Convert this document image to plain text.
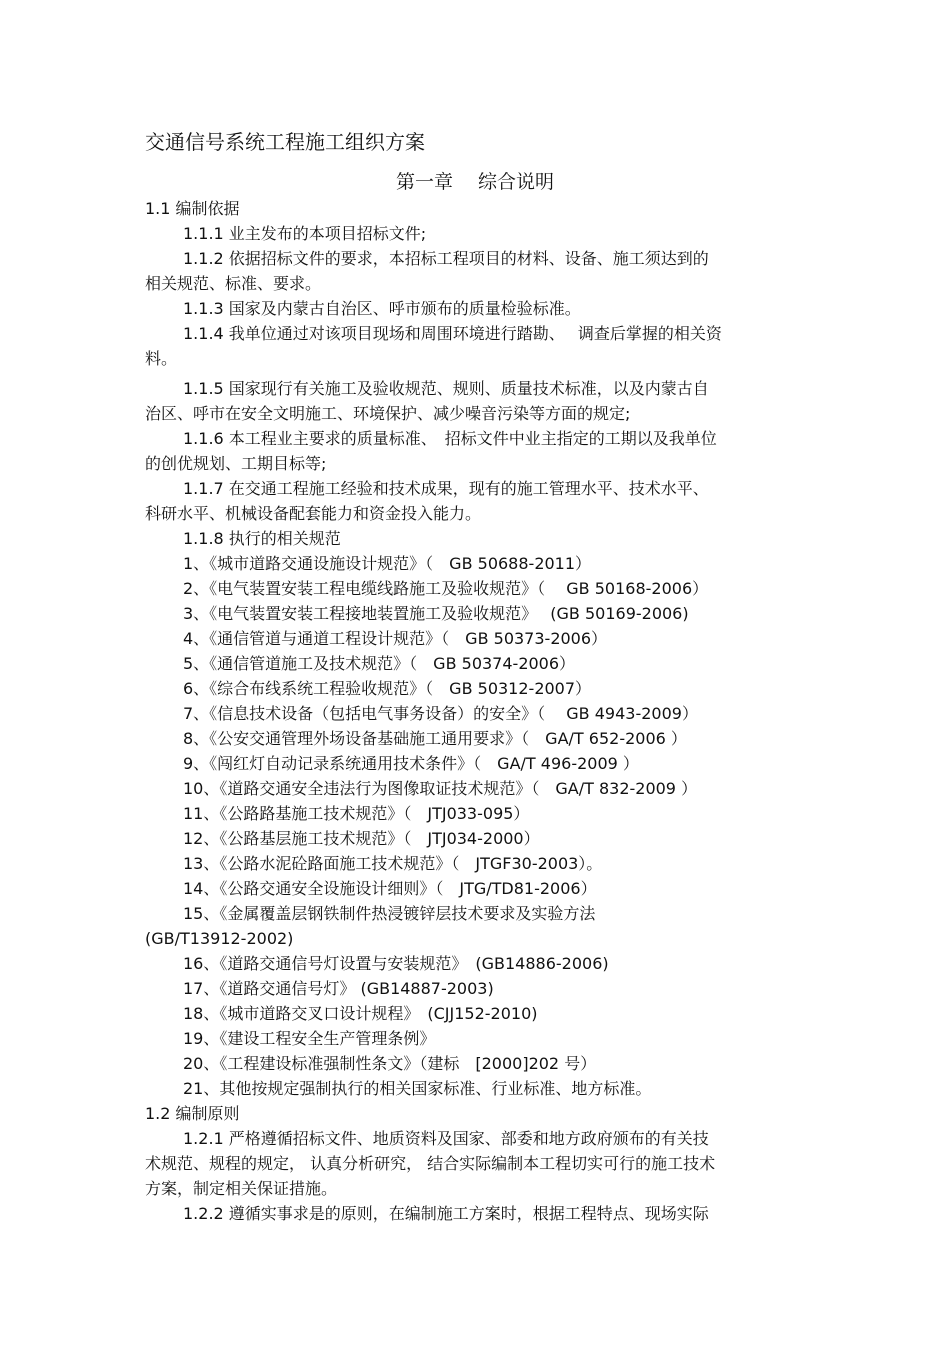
交通信号系统工程施工组织方案
第一章　 综合说明
1.1 编制依据
1.1.1 业主发布的本项目招标文件;
1.1.2 依据招标文件的要求，本招标工程项目的材料、设备、施工须达到的
相关规范、标准、要求。
1.1.3 国家及内蒙古自治区、呼市颁布的质量检验标准。
1.1.4 我单位通过对该项目现场和周围环境进行踏勘、　 调查后掌握的相关资
料。
1.1.5 国家现行有关施工及验收规范、规则、质量技术标准，以及内蒙古自
治区、呼市在安全文明施工、环境保护、减少噪音污染等方面的规定;
1.1.6 本工程业主要求的质量标准、　招标文件中业主指定的工期以及我单位
的创优规划、工期目标等;
1.1.7 在交通工程施工经验和技术成果，现有的施工管理水平、技术水平、
科研水平、机械设备配套能力和资金投入能力。
1.1.8 执行的相关规范
1、《城市道路交通设施设计规范》（　GB 50688-2011）
2、《电气装置安装工程电缆线路施工及验收规范》（　 GB 50168-2006）
3、《电气装置安装工程接地装置施工及验收规范》　 (GB 50169-2006)
4、《通信管道与通道工程设计规范》（　GB 50373-2006）
5、《通信管道施工及技术规范》（　GB 50374-2006）
6、《综合布线系统工程验收规范》（　GB 50312-2007）
7、《信息技术设备（包括电气事务设备）的安全》（　 GB 4943-2009）
8、《公安交通管理外场设备基础施工通用要求》（　GA/T 652-2006 ）
9、《闯红灯自动记录系统通用技术条件》（　GA/T 496-2009 ）
10、《道路交通安全违法行为图像取证技术规范》（　GA/T 832-2009 ）
11、《公路路基施工技术规范》（　JTJ033-095）
12、《公路基层施工技术规范》（　JTJ034-2000）
13、《公路水泥砼路面施工技术规范》（　JTGF30-2003）。
14、《公路交通安全设施设计细则》（　JTG/TD81-2006）
15、《金属覆盖层钢铁制件热浸镀锌层技术要求及实验方法
(GB/T13912-2002)
16、《道路交通信号灯设置与安装规范》　(GB14886-2006)
17、《道路交通信号灯》 (GB14887-2003)
18、《城市道路交叉口设计规程》　(CJJ152-2010)
19、《建设工程安全生产管理条例》
20、《工程建设标准强制性条文》（建标　[2000]202 号）
21、其他按规定强制执行的相关国家标准、行业标准、地方标准。
1.2 编制原则
1.2.1 严格遵循招标文件、地质资料及国家、部委和地方政府颁布的有关技
术规范、规程的规定， 认真分析研究， 结合实际编制本工程切实可行的施工技术
方案，制定相关保证措施。
1.2.2 遵循实事求是的原则，在编制施工方案时，根据工程特点、现场实际
